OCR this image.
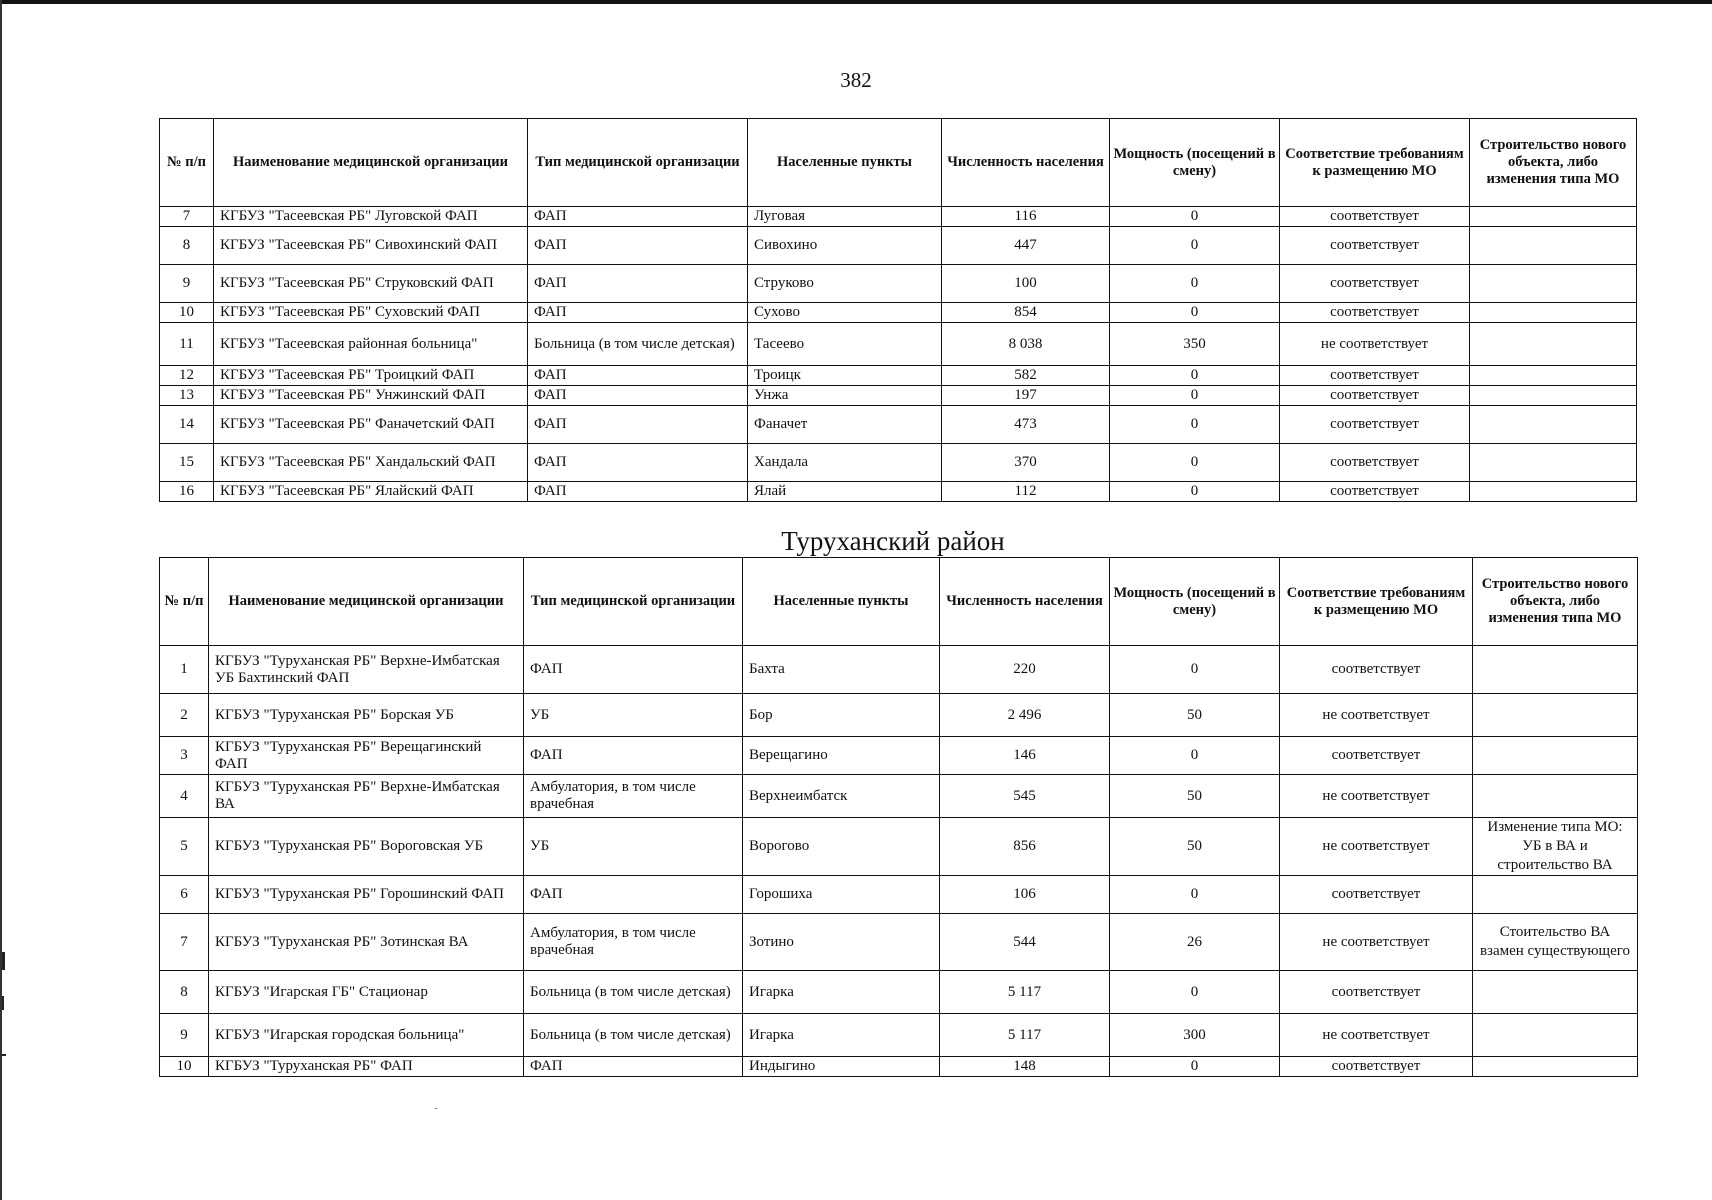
382
№ п/п	Наименование медицинской организации	Тип медицинской организации	Населенные пункты	Численность населения	Мощность (посещений в смену)	Соответствие требованиям к размещению МО	Строительство нового объекта, либо изменения типа МО
7	КГБУЗ "Тасеевская РБ" Луговской ФАП	ФАП	Луговая	116	0	соответствует	
8	КГБУЗ "Тасеевская РБ" Сивохинский ФАП	ФАП	Сивохино	447	0	соответствует	
9	КГБУЗ "Тасеевская РБ" Струковский ФАП	ФАП	Струково	100	0	соответствует	
10	КГБУЗ "Тасеевская РБ" Суховский ФАП	ФАП	Сухово	854	0	соответствует	
11	КГБУЗ "Тасеевская районная больница"	Больница (в том числе детская)	Тасеево	8 038	350	не соответствует	
12	КГБУЗ "Тасеевская РБ" Троицкий ФАП	ФАП	Троицк	582	0	соответствует	
13	КГБУЗ "Тасеевская РБ" Унжинский ФАП	ФАП	Унжа	197	0	соответствует	
14	КГБУЗ "Тасеевская РБ" Фаначетский ФАП	ФАП	Фаначет	473	0	соответствует	
15	КГБУЗ "Тасеевская РБ" Хандальский ФАП	ФАП	Хандала	370	0	соответствует	
16	КГБУЗ "Тасеевская РБ" Ялайский ФАП	ФАП	Ялай	112	0	соответствует	
Туруханский район
№ п/п	Наименование медицинской организации	Тип медицинской организации	Населенные пункты	Численность населения	Мощность (посещений в смену)	Соответствие требованиям к размещению МО	Строительство нового объекта, либо изменения типа МО
1	КГБУЗ "Туруханская РБ" Верхне-Имбатская УБ Бахтинский ФАП	ФАП	Бахта	220	0	соответствует	
2	КГБУЗ "Туруханская РБ" Борская УБ	УБ	Бор	2 496	50	не соответствует	
3	КГБУЗ "Туруханская РБ" Верещагинский ФАП	ФАП	Верещагино	146	0	соответствует	
4	КГБУЗ "Туруханская РБ" Верхне-Имбатская ВА	Амбулатория, в том числе врачебная	Верхнеимбатск	545	50	не соответствует	
5	КГБУЗ "Туруханская РБ" Вороговская УБ	УБ	Ворогово	856	50	не соответствует	Изменение типа МО: УБ в ВА и строительство ВА
6	КГБУЗ "Туруханская РБ" Горошинский ФАП	ФАП	Горошиха	106	0	соответствует	
7	КГБУЗ "Туруханская РБ" Зотинская ВА	Амбулатория, в том числе врачебная	Зотино	544	26	не соответствует	Стоительство ВА взамен существующего
8	КГБУЗ "Игарская ГБ" Стационар	Больница (в том числе детская)	Игарка	5 117	0	соответствует	
9	КГБУЗ "Игарская городская больница"	Больница (в том числе детская)	Игарка	5 117	300	не соответствует	
10	КГБУЗ "Туруханская РБ" ФАП	ФАП	Индыгино	148	0	соответствует	
